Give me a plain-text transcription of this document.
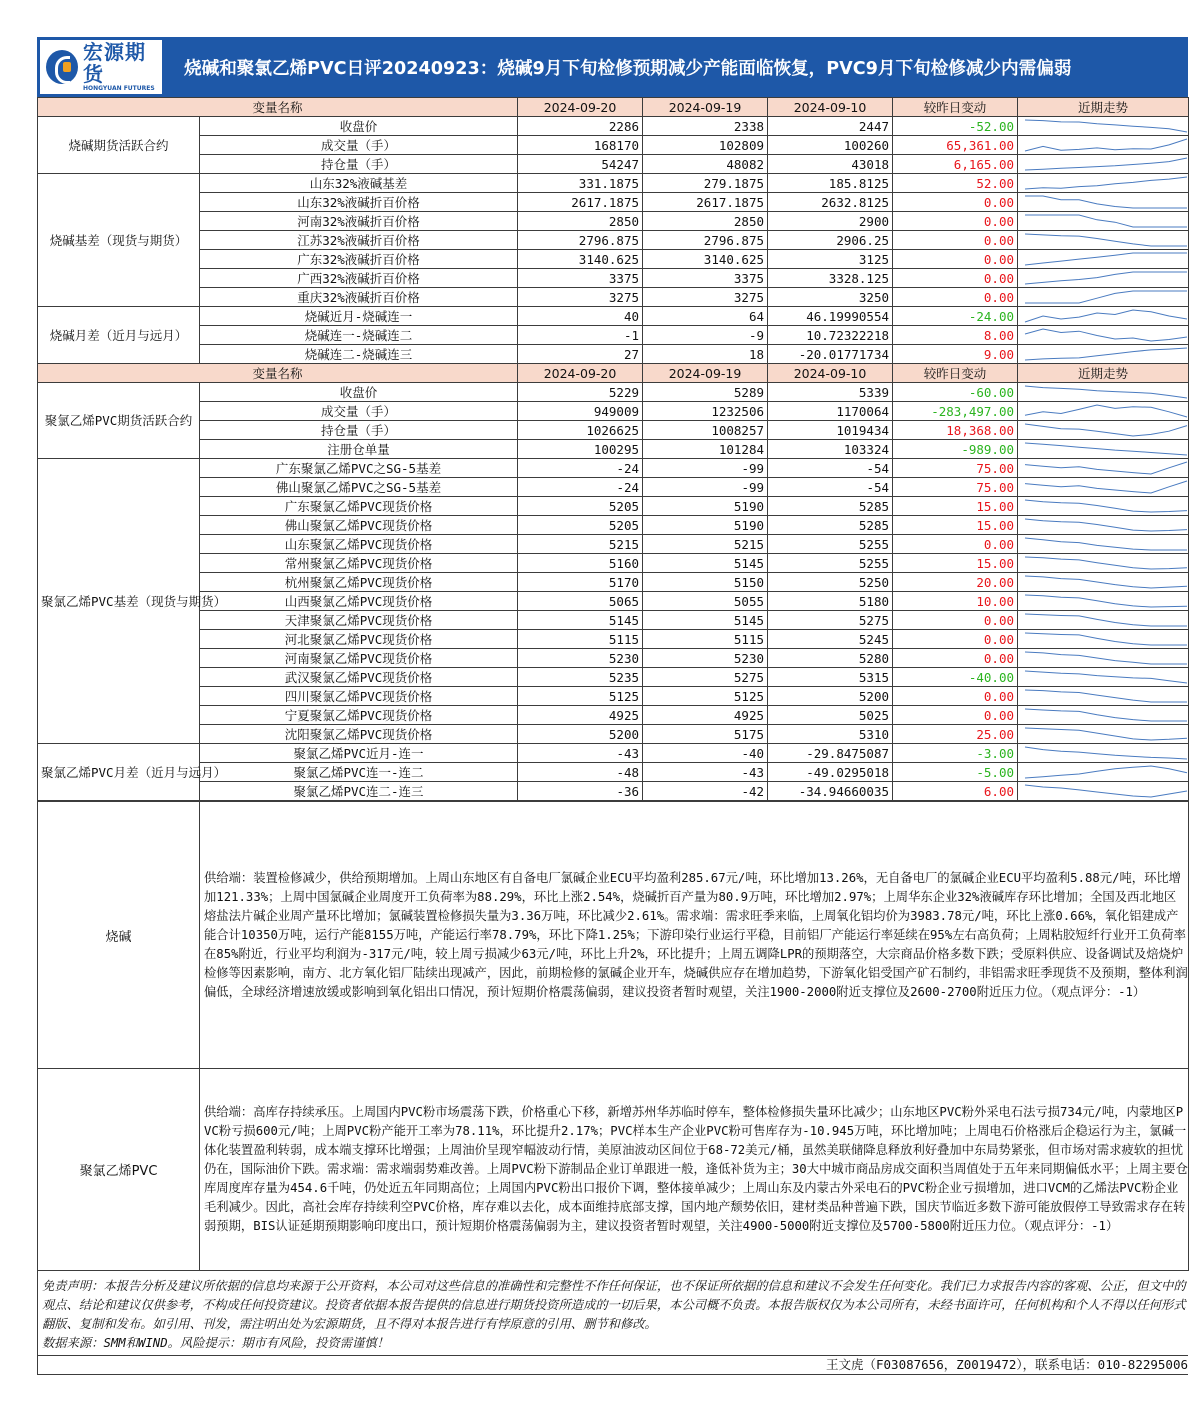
宏源期货
HONGYUAN FUTURES
烧碱和聚氯乙烯PVC日评20240923：烧碱9月下旬检修预期减少产能面临恢复，PVC9月下旬检修减少内需偏弱
变量名称		2024-09-20	2024-09-19	2024-09-10	较昨日变动	近期走势
烧碱期货活跃合约	收盘价	2286	2338	2447	-52.00	

	成交量（手）	168170	102809	100260	65,361.00	

	持仓量（手）	54247	48082	43018	6,165.00	

烧碱基差（现货与期货）	山东32%液碱基差	331.1875	279.1875	185.8125	52.00	

	山东32%液碱折百价格	2617.1875	2617.1875	2632.8125	0.00	

	河南32%液碱折百价格	2850	2850	2900	0.00	

	江苏32%液碱折百价格	2796.875	2796.875	2906.25	0.00	

	广东32%液碱折百价格	3140.625	3140.625	3125	0.00	

	广西32%液碱折百价格	3375	3375	3328.125	0.00	

	重庆32%液碱折百价格	3275	3275	3250	0.00	

烧碱月差（近月与远月）	烧碱近月-烧碱连一	40	64	46.19990554	-24.00	

	烧碱连一-烧碱连二	-1	-9	10.72322218	8.00	

	烧碱连二-烧碱连三	27	18	-20.01771734	9.00	

变量名称		2024-09-20	2024-09-19	2024-09-10	较昨日变动	近期走势
聚氯乙烯PVC期货活跃合约	收盘价	5229	5289	5339	-60.00	

	成交量（手）	949009	1232506	1170064	-283,497.00	

	持仓量（手）	1026625	1008257	1019434	18,368.00	

	注册仓单量	100295	101284	103324	-989.00	

聚氯乙烯PVC基差（现货与期货）	广东聚氯乙烯PVC之SG-5基差	-24	-99	-54	75.00	

	佛山聚氯乙烯PVC之SG-5基差	-24	-99	-54	75.00	

	广东聚氯乙烯PVC现货价格	5205	5190	5285	15.00	

	佛山聚氯乙烯PVC现货价格	5205	5190	5285	15.00	

	山东聚氯乙烯PVC现货价格	5215	5215	5255	0.00	

	常州聚氯乙烯PVC现货价格	5160	5145	5255	15.00	

	杭州聚氯乙烯PVC现货价格	5170	5150	5250	20.00	

	山西聚氯乙烯PVC现货价格	5065	5055	5180	10.00	

	天津聚氯乙烯PVC现货价格	5145	5145	5275	0.00	

	河北聚氯乙烯PVC现货价格	5115	5115	5245	0.00	

	河南聚氯乙烯PVC现货价格	5230	5230	5280	0.00	

	武汉聚氯乙烯PVC现货价格	5235	5275	5315	-40.00	

	四川聚氯乙烯PVC现货价格	5125	5125	5200	0.00	

	宁夏聚氯乙烯PVC现货价格	4925	4925	5025	0.00	

	沈阳聚氯乙烯PVC现货价格	5200	5175	5310	25.00	

聚氯乙烯PVC月差（近月与远月）	聚氯乙烯PVC近月-连一	-43	-40	-29.8475087	-3.00	

	聚氯乙烯PVC连一-连二	-48	-43	-49.0295018	-5.00	

	聚氯乙烯PVC连二-连三	-36	-42	-34.94660035	6.00	
烧碱	供给端：装置检修减少，供给预期增加。上周山东地区有自备电厂氯碱企业ECU平均盈利285.67元/吨，环比增加13.26%，无自备电厂的氯碱企业ECU平均盈利5.88元/吨，环比增加121.33%；上周中国氯碱企业周度开工负荷率为88.29%，环比上涨2.54%，烧碱折百产量为80.9万吨，环比增加2.97%；上周华东企业32%液碱库存环比增加；全国及西北地区熔盐法片碱企业周产量环比增加；氯碱装置检修损失量为3.36万吨，环比减少2.61%。需求端：需求旺季来临，上周氧化铝均价为3983.78元/吨，环比上涨0.66%，氧化铝建成产能合计10350万吨，运行产能8155万吨，产能运行率78.79%，环比下降1.25%；下游印染行业运行平稳，目前铝厂产能运行率延续在95%左右高负荷；上周粘胶短纤行业开工负荷率在85%附近，行业平均利润为-317元/吨，较上周亏损减少63元/吨，环比上升2%，环比提升；上周五调降LPR的预期落空，大宗商品价格多数下跌；受原料供应、设备调试及焙烧炉检修等因素影响，南方、北方氧化铝厂陆续出现减产，因此，前期检修的氯碱企业开车，烧碱供应存在增加趋势，下游氧化铝受国产矿石制约，非铝需求旺季现货不及预期，整体利润偏低，全球经济增速放缓或影响到氧化铝出口情况，预计短期价格震荡偏弱，建议投资者暂时观望，关注1900-2000附近支撑位及2600-2700附近压力位。（观点评分：-1）
聚氯乙烯PVC	供给端：高库存持续承压。上周国内PVC粉市场震荡下跌，价格重心下移，新增苏州华苏临时停车，整体检修损失量环比减少；山东地区PVC粉外采电石法亏损734元/吨，内蒙地区PVC粉亏损600元/吨；上周PVC粉产能开工率为78.11%，环比提升2.17%；PVC样本生产企业PVC粉可售库存为-10.945万吨，环比增加吨；上周电石价格涨后企稳运行为主，氯碱一体化装置盈利转弱，成本端支撑环比增强；上周油价呈现窄幅波动行情，美原油波动区间位于68-72美元/桶，虽然美联储降息释放利好叠加中东局势紧张，但市场对需求疲软的担忧仍在，国际油价下跌。需求端：需求端弱势难改善。上周PVC粉下游制品企业订单跟进一般，逢低补货为主；30大中城市商品房成交面积当周值处于五年来同期偏低水平；上周主要仓库周度库存量为454.6千吨，仍处近五年同期高位；上周国内PVC粉出口报价下调，整体接单减少；上周山东及内蒙古外采电石的PVC粉企业亏损增加，进口VCM的乙烯法PVC粉企业毛利减少。因此，高社会库存持续利空PVC价格，库存难以去化，成本面维持底部支撑，国内地产颓势依旧，建材类品种普遍下跌，国庆节临近多数下游可能放假停工导致需求存在转弱预期，BIS认证延期预期影响印度出口，预计短期价格震荡偏弱为主，建议投资者暂时观望，关注4900-5000附近支撑位及5700-5800附近压力位。（观点评分：-1）
免责声明：本报告分析及建议所依据的信息均来源于公开资料，本公司对这些信息的准确性和完整性不作任何保证，也不保证所依据的信息和建议不会发生任何变化。我们已力求报告内容的客观、公正，但文中的观点、结论和建议仅供参考，不构成任何投资建议。投资者依据本报告提供的信息进行期货投资所造成的一切后果，本公司概不负责。本报告版权仅为本公司所有，未经书面许可，任何机构和个人不得以任何形式翻版、复制和发布。如引用、刊发，需注明出处为宏源期货，且不得对本报告进行有悖原意的引用、删节和修改。
数据来源：SMM和WIND。风险提示：期市有风险，投资需谨慎！
王文虎（F03087656，Z0019472），联系电话：010-82295006
